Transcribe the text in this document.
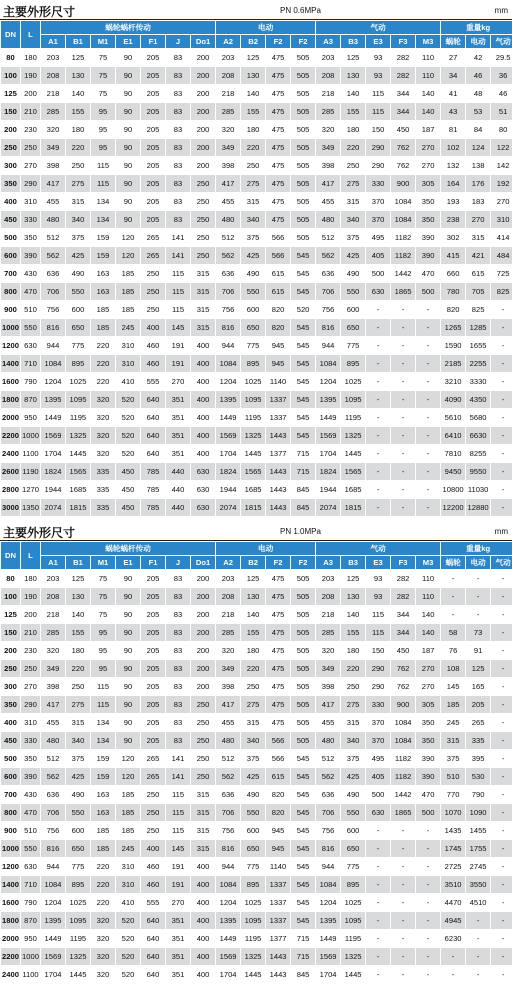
主要外形尺寸	PN 0.6MPa	mm
DN	L	蜗轮蜗杆传动							电动				气动					重量kg		
		A1	B1	M1	E1	F1	J	Do1	A2	B2	F2	F2	A3	B3	E3	F3	M3	蜗轮	电动	气动
80	180	203	125	75	90	205	83	200	203	125	475	505	203	125	93	282	110	27	42	29.5
100	190	208	130	75	90	205	83	200	208	130	475	505	208	130	93	282	110	34	46	36
125	200	218	140	75	90	205	83	200	218	140	475	505	218	140	115	344	140	41	48	46
150	210	285	155	95	90	205	83	200	285	155	475	505	285	155	115	344	140	43	53	51
200	230	320	180	95	90	205	83	200	320	180	475	505	320	180	150	450	187	81	84	80
250	250	349	220	95	90	205	83	200	349	220	475	505	349	220	290	762	270	102	124	122
300	270	398	250	115	90	205	83	200	398	250	475	505	398	250	290	762	270	132	138	142
350	290	417	275	115	90	205	83	250	417	275	475	505	417	275	330	900	305	164	176	192
400	310	455	315	134	90	205	83	250	455	315	475	505	455	315	370	1084	350	193	183	270
450	330	480	340	134	90	205	83	250	480	340	475	505	480	340	370	1084	350	238	270	310
500	350	512	375	159	120	265	141	250	512	375	566	505	512	375	495	1182	390	302	315	414
600	390	562	425	159	120	265	141	250	562	425	566	545	562	425	405	1182	390	415	421	484
700	430	636	490	163	185	250	115	315	636	490	615	545	636	490	500	1442	470	660	615	725
800	470	706	550	163	185	250	115	315	706	550	615	545	706	550	630	1865	500	780	705	825
900	510	756	600	185	185	250	115	315	756	600	820	520	756	600	-	-	-	820	825	-
1000	550	816	650	185	245	400	145	315	816	650	820	545	816	650	-	-	-	1265	1285	-
1200	630	944	775	220	310	460	191	400	944	775	945	545	944	775	-	-	-	1590	1655	-
1400	710	1084	895	220	310	460	191	400	1084	895	945	545	1084	895	-	-	-	2185	2255	-
1600	790	1204	1025	220	410	555	270	400	1204	1025	1140	545	1204	1025	-	-	-	3210	3330	-
1800	870	1395	1095	320	520	640	351	400	1395	1095	1337	545	1395	1095	-	-	-	4090	4350	-
2000	950	1449	1195	320	520	640	351	400	1449	1195	1337	545	1449	1195	-	-	-	5610	5680	-
2200	1000	1569	1325	320	520	640	351	400	1569	1325	1443	545	1569	1325	-	-	-	6410	6630	-
2400	1100	1704	1445	320	520	640	351	400	1704	1445	1377	715	1704	1445	-	-	-	7810	8255	-
2600	1190	1824	1565	335	450	785	440	630	1824	1565	1443	715	1824	1565	-	-	-	9450	9550	-
2800	1270	1944	1685	335	450	785	440	630	1944	1685	1443	845	1944	1685	-	-	-	10800	11030	-
3000	1350	2074	1815	335	450	785	440	630	2074	1815	1443	845	2074	1815	-	-	-	12200	12880	-
主要外形尺寸	PN 1.0MPa	mm
DN	L	蜗轮蜗杆传动							电动				气动					重量kg		
		A1	B1	M1	E1	F1	J	Do1	A2	B2	F2	F2	A3	B3	E3	F3	M3	蜗轮	电动	气动
80	180	203	125	75	90	205	83	200	203	125	475	505	203	125	93	282	110	-	-	-
100	190	208	130	75	90	205	83	200	208	130	475	505	208	130	93	282	110	-	-	-
125	200	218	140	75	90	205	83	200	218	140	475	505	218	140	115	344	140	-	-	-
150	210	285	155	95	90	205	83	200	285	155	475	505	285	155	115	344	140	58	73	-
200	230	320	180	95	90	205	83	200	320	180	475	505	320	180	150	450	187	76	91	-
250	250	349	220	95	90	205	83	200	349	220	475	505	349	220	290	762	270	108	125	-
300	270	398	250	115	90	205	83	200	398	250	475	505	398	250	290	762	270	145	165	-
350	290	417	275	115	90	205	83	250	417	275	475	505	417	275	330	900	305	185	205	-
400	310	455	315	134	90	205	83	250	455	315	475	505	455	315	370	1084	350	245	265	-
450	330	480	340	134	90	205	83	250	480	340	566	505	480	340	370	1084	350	315	335	-
500	350	512	375	159	120	265	141	250	512	375	566	545	512	375	495	1182	390	375	395	-
600	390	562	425	159	120	265	141	250	562	425	615	545	562	425	405	1182	390	510	530	-
700	430	636	490	163	185	250	115	315	636	490	820	545	636	490	500	1442	470	770	790	-
800	470	706	550	163	185	250	115	315	706	550	820	545	706	550	630	1865	500	1070	1090	-
900	510	756	600	185	185	250	115	315	756	600	945	545	756	600	-	-	-	1435	1455	-
1000	550	816	650	185	245	400	145	315	816	650	945	545	816	650	-	-	-	1745	1755	-
1200	630	944	775	220	310	460	191	400	944	775	1140	545	944	775	-	-	-	2725	2745	-
1400	710	1084	895	220	310	460	191	400	1084	895	1337	545	1084	895	-	-	-	3510	3550	-
1600	790	1204	1025	220	410	555	270	400	1204	1025	1337	545	1204	1025	-	-	-	4470	4510	-
1800	870	1395	1095	320	520	640	351	400	1395	1095	1337	545	1395	1095	-	-	-	4945	-	-
2000	950	1449	1195	320	520	640	351	400	1449	1195	1377	715	1449	1195	-	-	-	6230	-	-
2200	1000	1569	1325	320	520	640	351	400	1569	1325	1443	715	1569	1325	-	-	-	-	-	-
2400	1100	1704	1445	320	520	640	351	400	1704	1445	1443	845	1704	1445	-	-	-	-	-	-
